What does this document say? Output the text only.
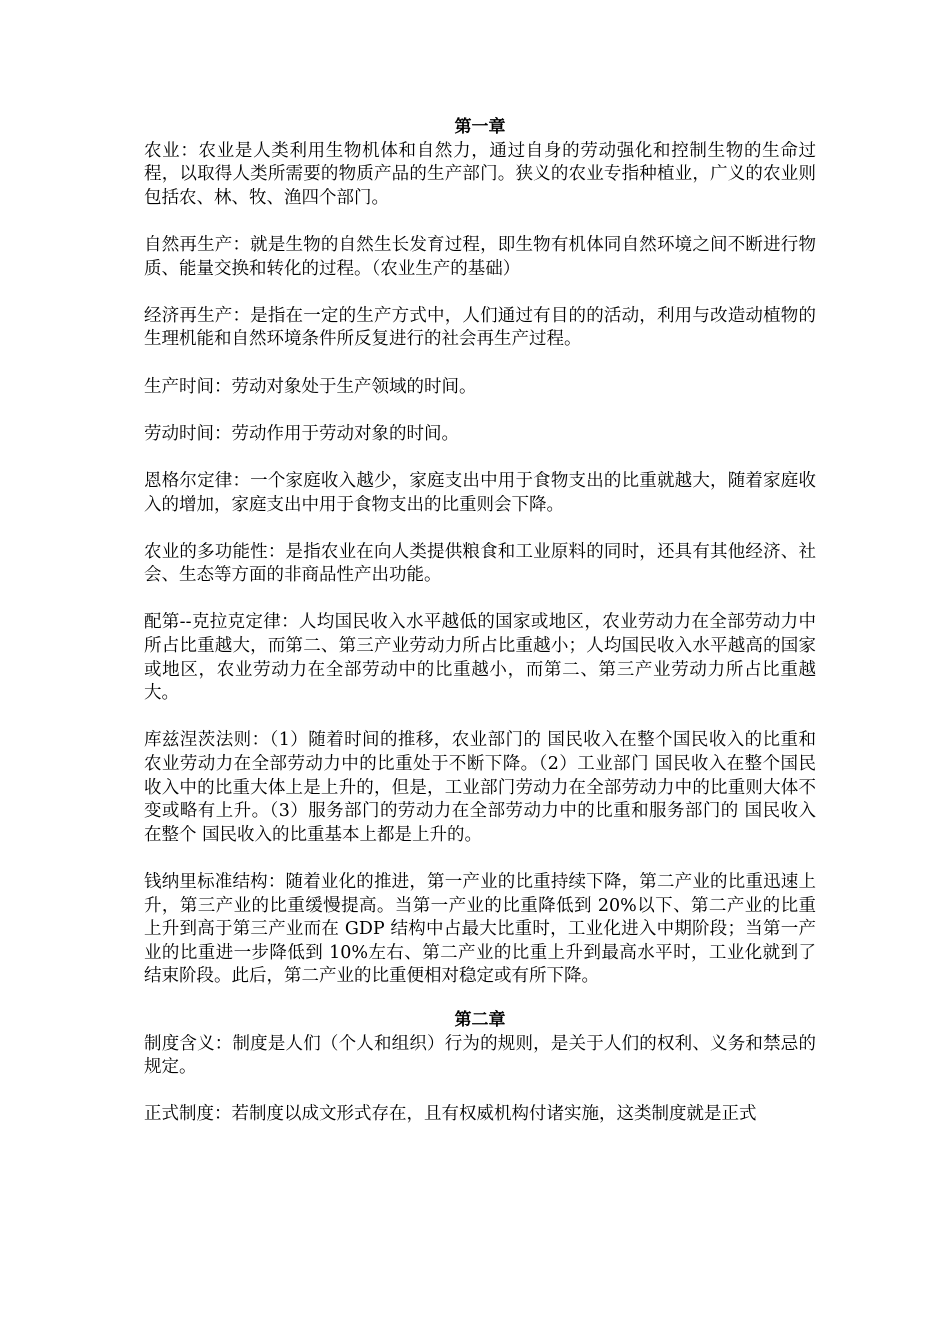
第一章

农业：农业是人类利用生物机体和自然力，通过自身的劳动强化和控制生物的生命过程，以取得人类所需要的物质产品的生产部门。狭义的农业专指种植业，广义的农业则包括农、林、牧、渔四个部门。

自然再生产：就是生物的自然生长发育过程，即生物有机体同自然环境之间不断进行物质、能量交换和转化的过程。（农业生产的基础）

经济再生产：是指在一定的生产方式中，人们通过有目的的活动，利用与改造动植物的生理机能和自然环境条件所反复进行的社会再生产过程。

生产时间：劳动对象处于生产领域的时间。

劳动时间：劳动作用于劳动对象的时间。

恩格尔定律：一个家庭收入越少，家庭支出中用于食物支出的比重就越大，随着家庭收入的增加，家庭支出中用于食物支出的比重则会下降。

农业的多功能性：是指农业在向人类提供粮食和工业原料的同时，还具有其他经济、社会、生态等方面的非商品性产出功能。

配第--克拉克定律：人均国民收入水平越低的国家或地区，农业劳动力在全部劳动力中所占比重越大，而第二、第三产业劳动力所占比重越小；人均国民收入水平越高的国家或地区，农业劳动力在全部劳动中的比重越小，而第二、第三产业劳动力所占比重越大。

库兹涅茨法则：（1）随着时间的推移，农业部门的 国民收入在整个国民收入的比重和 农业劳动力在全部劳动力中的比重处于不断下降。（2）工业部门 国民收入在整个国民收入中的比重大体上是上升的，但是，工业部门劳动力在全部劳动力中的比重则大体不变或略有上升。（3）服务部门的劳动力在全部劳动力中的比重和服务部门的 国民收入在整个 国民收入的比重基本上都是上升的。

钱纳里标准结构：随着业化的推进，第一产业的比重持续下降，第二产业的比重迅速上升，第三产业的比重缓慢提高。当第一产业的比重降低到 20%以下、第二产业的比重上升到高于第三产业而在 GDP 结构中占最大比重时，工业化进入中期阶段；当第一产业的比重进一步降低到 10%左右、第二产业的比重上升到最高水平时，工业化就到了结束阶段。此后，第二产业的比重便相对稳定或有所下降。

第二章

制度含义：制度是人们（个人和组织）行为的规则，是关于人们的权利、义务和禁忌的规定。

正式制度：若制度以成文形式存在，且有权威机构付诸实施，这类制度就是正式
